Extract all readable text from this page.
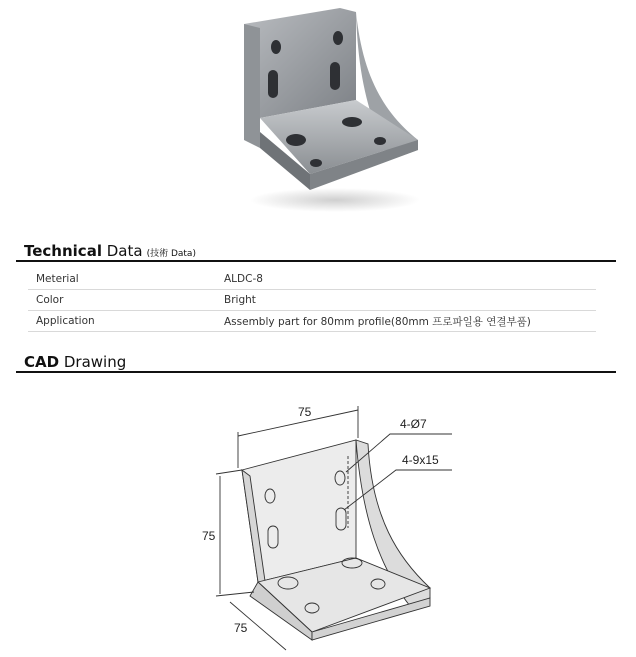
Technical Data (技術 Data)
Meterial	ALDC-8
Color	Bright
Application	Assembly part for 80mm profile(80mm 프로파일용 연결부품)
CAD Drawing
75
75
75
4-Ø7
4-9x15
